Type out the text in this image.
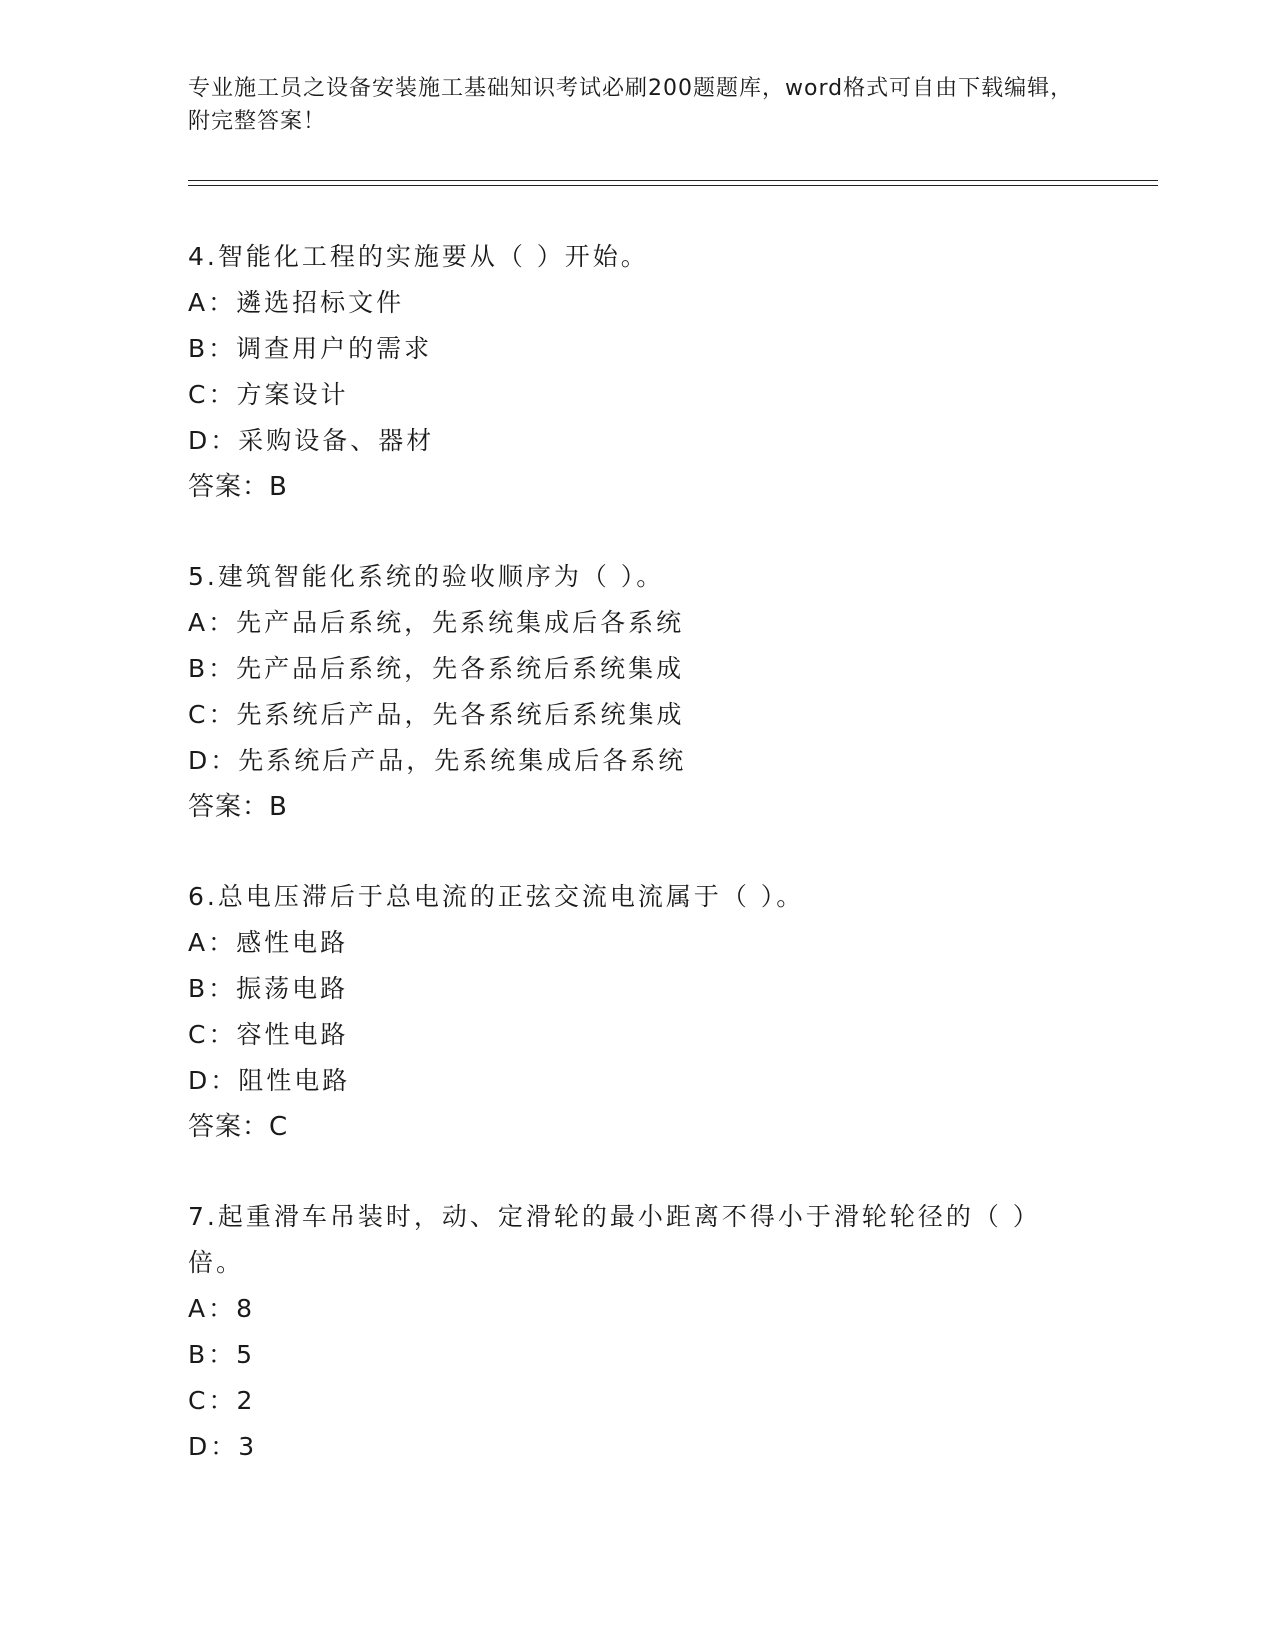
专业施工员之设备安装施工基础知识考试必刷200题题库，word格式可自由下载编辑，附完整答案！
4.智能化工程的实施要从（ ）开始。
A：遴选招标文件
B：调查用户的需求
C：方案设计
D：采购设备、器材
答案：B
5.建筑智能化系统的验收顺序为（ ）。
A：先产品后系统，先系统集成后各系统
B：先产品后系统，先各系统后系统集成
C：先系统后产品，先各系统后系统集成
D：先系统后产品，先系统集成后各系统
答案：B
6.总电压滞后于总电流的正弦交流电流属于（ ）。
A：感性电路
B：振荡电路
C：容性电路
D：阻性电路
答案：C
7.起重滑车吊装时，动、定滑轮的最小距离不得小于滑轮轮径的（ ）倍。
A：8
B：5
C：2
D：3
